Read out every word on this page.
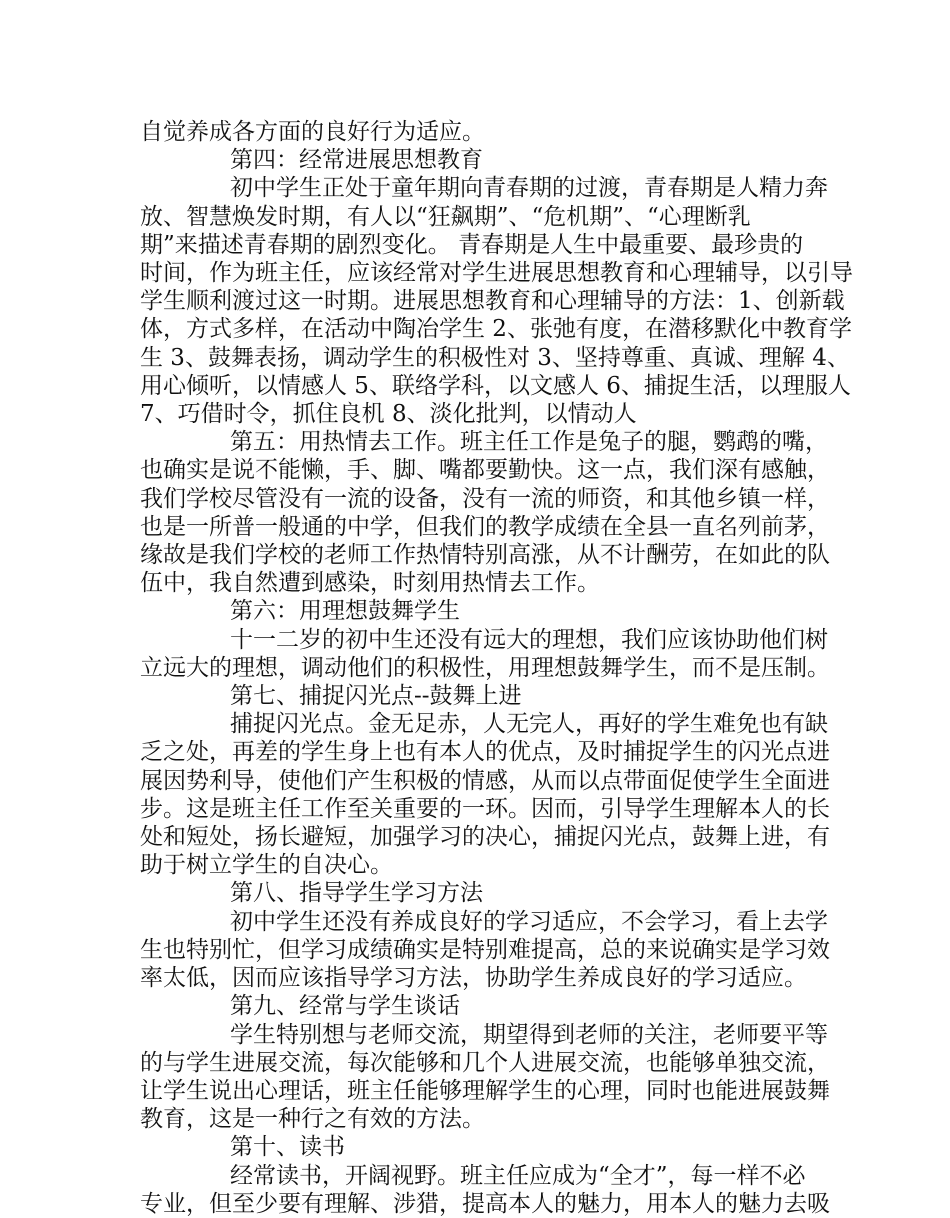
自觉养成各方面的良好行为适应。

第四：经常进展思想教育

初中学生正处于童年期向青春期的过渡，青春期是人精力奔

放、智慧焕发时期，有人以“狂飙期”、“危机期”、“心理断乳

期”来描述青春期的剧烈变化。 青春期是人生中最重要、最珍贵的

时间，作为班主任，应该经常对学生进展思想教育和心理辅导，以引导

学生顺利渡过这一时期。进展思想教育和心理辅导的方法：1、创新载

体，方式多样，在活动中陶冶学生 2、张弛有度，在潜移默化中教育学

生 3、鼓舞表扬，调动学生的积极性对 3、坚持尊重、真诚、理解 4、

用心倾听，以情感人 5、联络学科，以文感人 6、捕捉生活，以理服人

7、巧借时令，抓住良机 8、淡化批判，以情动人

第五：用热情去工作。班主任工作是兔子的腿，鹦鹉的嘴，

也确实是说不能懒，手、脚、嘴都要勤快。这一点，我们深有感触，

我们学校尽管没有一流的设备，没有一流的师资，和其他乡镇一样，

也是一所普一般通的中学，但我们的教学成绩在全县一直名列前茅，

缘故是我们学校的老师工作热情特别高涨，从不计酬劳，在如此的队

伍中，我自然遭到感染，时刻用热情去工作。

第六：用理想鼓舞学生

十一二岁的初中生还没有远大的理想，我们应该协助他们树

立远大的理想，调动他们的积极性，用理想鼓舞学生，而不是压制。

第七、捕捉闪光点--鼓舞上进

捕捉闪光点。金无足赤，人无完人，再好的学生难免也有缺

乏之处，再差的学生身上也有本人的优点，及时捕捉学生的闪光点进

展因势利导，使他们产生积极的情感，从而以点带面促使学生全面进

步。这是班主任工作至关重要的一环。因而，引导学生理解本人的长

处和短处，扬长避短，加强学习的决心，捕捉闪光点，鼓舞上进，有

助于树立学生的自决心。

第八、指导学生学习方法

初中学生还没有养成良好的学习适应，不会学习，看上去学

生也特别忙，但学习成绩确实是特别难提高，总的来说确实是学习效

率太低，因而应该指导学习方法，协助学生养成良好的学习适应。

第九、经常与学生谈话

学生特别想与老师交流，期望得到老师的关注，老师要平等

的与学生进展交流，每次能够和几个人进展交流，也能够单独交流，

让学生说出心理话，班主任能够理解学生的心理，同时也能进展鼓舞

教育，这是一种行之有效的方法。

第十、读书

经常读书，开阔视野。班主任应成为“全才”，每一样不必

专业，但至少要有理解、涉猎，提高本人的魅力，用本人的魅力去吸
